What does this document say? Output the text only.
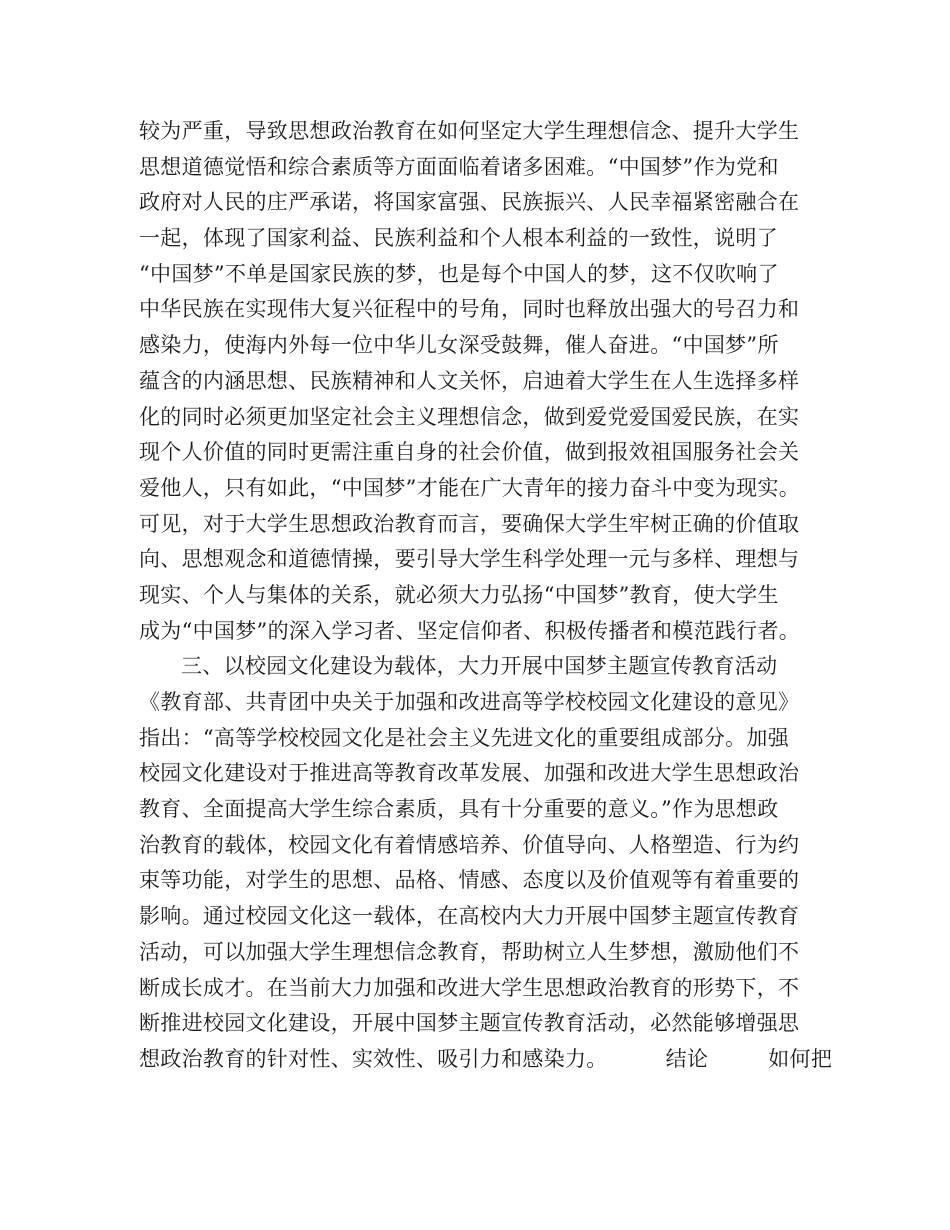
较为严重，导致思想政治教育在如何坚定大学生理想信念、提升大学生
思想道德觉悟和综合素质等方面面临着诸多困难。“中国梦”作为党和
政府对人民的庄严承诺，将国家富强、民族振兴、人民幸福紧密融合在
一起，体现了国家利益、民族利益和个人根本利益的一致性，说明了
“中国梦”不单是国家民族的梦，也是每个中国人的梦，这不仅吹响了
中华民族在实现伟大复兴征程中的号角，同时也释放出强大的号召力和
感染力，使海内外每一位中华儿女深受鼓舞，催人奋进。“中国梦”所
蕴含的内涵思想、民族精神和人文关怀，启迪着大学生在人生选择多样
化的同时必须更加坚定社会主义理想信念，做到爱党爱国爱民族，在实
现个人价值的同时更需注重自身的社会价值，做到报效祖国服务社会关
爱他人，只有如此，“中国梦”才能在广大青年的接力奋斗中变为现实。
可见，对于大学生思想政治教育而言，要确保大学生牢树正确的价值取
向、思想观念和道德情操，要引导大学生科学处理一元与多样、理想与
现实、个人与集体的关系，就必须大力弘扬“中国梦”教育，使大学生
成为“中国梦”的深入学习者、坚定信仰者、积极传播者和模范践行者。
三、以校园文化建设为载体，大力开展中国梦主题宣传教育活动
《教育部、共青团中央关于加强和改进高等学校校园文化建设的意见》
指出：“高等学校校园文化是社会主义先进文化的重要组成部分。加强
校园文化建设对于推进高等教育改革发展、加强和改进大学生思想政治
教育、全面提高大学生综合素质，具有十分重要的意义。”作为思想政
治教育的载体，校园文化有着情感培养、价值导向、人格塑造、行为约
束等功能，对学生的思想、品格、情感、态度以及价值观等有着重要的
影响。通过校园文化这一载体，在高校内大力开展中国梦主题宣传教育
活动，可以加强大学生理想信念教育，帮助树立人生梦想，激励他们不
断成长成才。在当前大力加强和改进大学生思想政治教育的形势下，不
断推进校园文化建设，开展中国梦主题宣传教育活动，必然能够增强思
想政治教育的针对性、实效性、吸引力和感染力。	结论	如何把
